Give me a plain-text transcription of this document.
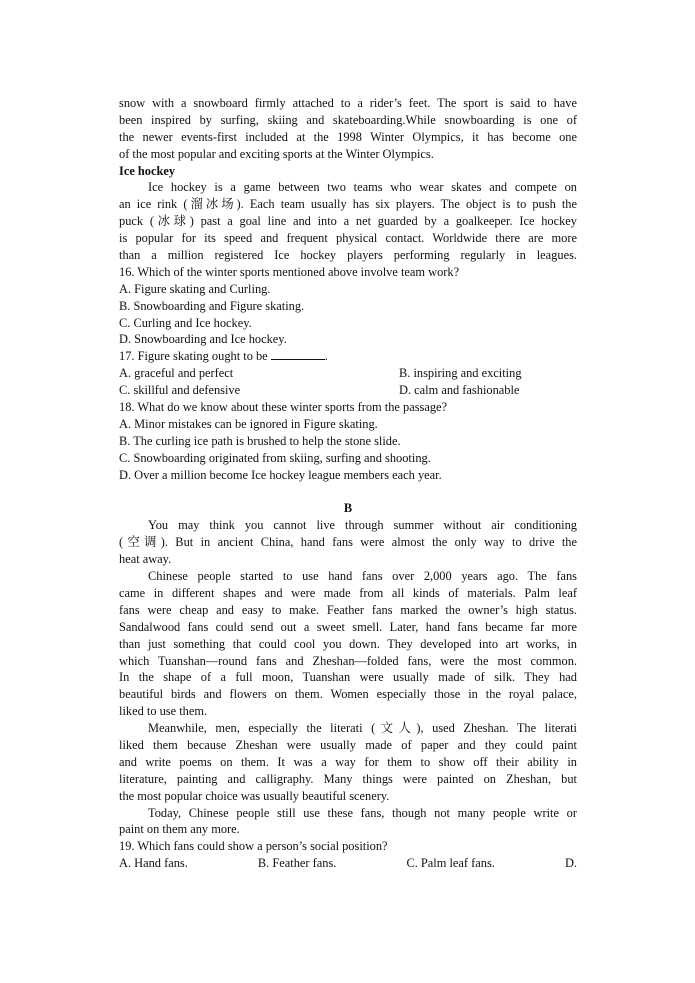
snow with a snowboard firmly attached to a rider’s feet. The sport is said to have
been inspired by surfing, skiing and skateboarding.While snowboarding is one of
the newer events-first included at the 1998 Winter Olympics, it has become one
of the most popular and exciting sports at the Winter Olympics.
Ice hockey
Ice hockey is a game between two teams who wear skates and compete on
an ice rink (溜冰场). Each team usually has six players. The object is to push the
puck (冰球) past a goal line and into a net guarded by a goalkeeper. Ice hockey
is popular for its speed and frequent physical contact. Worldwide there are more
than a million registered Ice hockey players performing regularly in leagues.
16. Which of the winter sports mentioned above involve team work?
A. Figure skating and Curling.
B. Snowboarding and Figure skating.
C. Curling and Ice hockey.
D. Snowboarding and Ice hockey.
17. Figure skating ought to be	.
A. graceful and perfect	B. inspiring and exciting
C. skillful and defensive	D. calm and fashionable
18. What do we know about these winter sports from the passage?
A. Minor mistakes can be ignored in Figure skating.
B. The curling ice path is brushed to help the stone slide.
C. Snowboarding originated from skiing, surfing and shooting.
D. Over a million become Ice hockey league members each year.
B
You may think you cannot live through summer without air conditioning
(空调). But in ancient China, hand fans were almost the only way to drive the
heat away.
Chinese people started to use hand fans over 2,000 years ago. The fans
came in different shapes and were made from all kinds of materials. Palm leaf
fans were cheap and easy to make. Feather fans marked the owner’s high status.
Sandalwood fans could send out a sweet smell. Later, hand fans became far more
than just something that could cool you down. They developed into art works, in
which Tuanshan—round fans and Zheshan—folded fans, were the most common.
In the shape of a full moon, Tuanshan were usually made of silk. They had
beautiful birds and flowers on them. Women especially those in the royal palace,
liked to use them.
Meanwhile, men, especially the literati (文人), used Zheshan. The literati
liked them because Zheshan were usually made of paper and they could paint
and write poems on them. It was a way for them to show off their ability in
literature, painting and calligraphy. Many things were painted on Zheshan, but
the most popular choice was usually beautiful scenery.
Today, Chinese people still use these fans, though not many people write or
paint on them any more.
19. Which fans could show a person’s social position?
A. Hand fans.	B. Feather fans.	C. Palm leaf fans.	D.
